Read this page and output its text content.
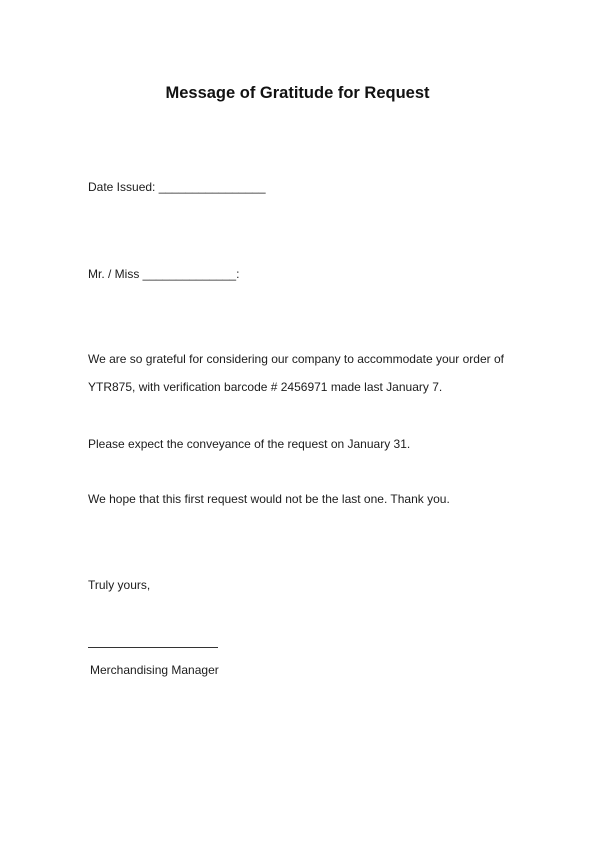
Message of Gratitude for Request
Date Issued: ________________
Mr. / Miss ______________:
We are so grateful for considering our company to accommodate your order of
YTR875, with verification barcode # 2456971 made last January 7.
Please expect the conveyance of the request on January 31.
We hope that this first request would not be the last one. Thank you.
Truly yours,
Merchandising Manager
